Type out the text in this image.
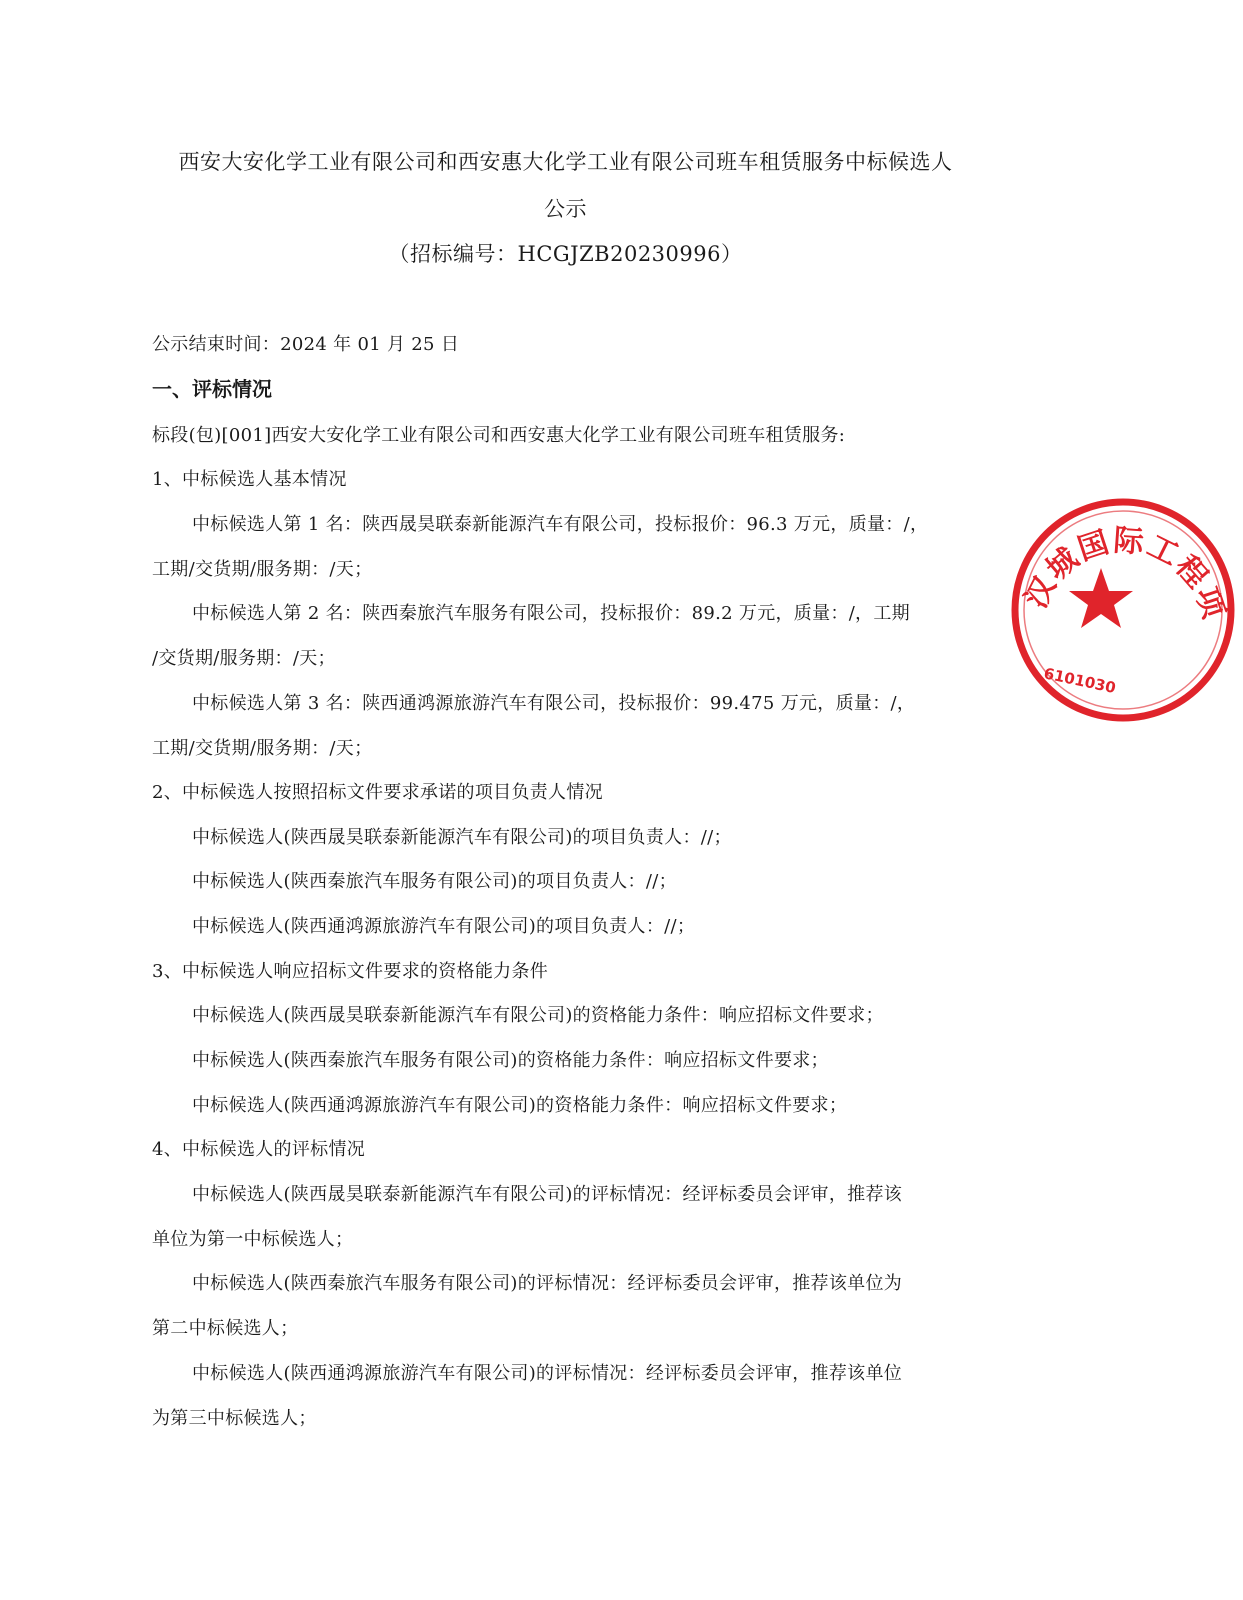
西安大安化学工业有限公司和西安惠大化学工业有限公司班车租赁服务中标候选人
公示
（招标编号：HCGJZB20230996）
公示结束时间：2024 年 01 月 25 日
一、评标情况
标段(包)[001]西安大安化学工业有限公司和西安惠大化学工业有限公司班车租赁服务:
1、中标候选人基本情况
中标候选人第 1 名：陕西晟昊联泰新能源汽车有限公司，投标报价：96.3 万元，质量：/，
工期/交货期/服务期：/天；
中标候选人第 2 名：陕西秦旅汽车服务有限公司，投标报价：89.2 万元，质量：/，工期
/交货期/服务期：/天；
中标候选人第 3 名：陕西通鸿源旅游汽车有限公司，投标报价：99.475 万元，质量：/，
工期/交货期/服务期：/天；
2、中标候选人按照招标文件要求承诺的项目负责人情况
中标候选人(陕西晟昊联泰新能源汽车有限公司)的项目负责人：//；
中标候选人(陕西秦旅汽车服务有限公司)的项目负责人：//；
中标候选人(陕西通鸿源旅游汽车有限公司)的项目负责人：//；
3、中标候选人响应招标文件要求的资格能力条件
中标候选人(陕西晟昊联泰新能源汽车有限公司)的资格能力条件：响应招标文件要求；
中标候选人(陕西秦旅汽车服务有限公司)的资格能力条件：响应招标文件要求；
中标候选人(陕西通鸿源旅游汽车有限公司)的资格能力条件：响应招标文件要求；
4、中标候选人的评标情况
中标候选人(陕西晟昊联泰新能源汽车有限公司)的评标情况：经评标委员会评审，推荐该
单位为第一中标候选人；
中标候选人(陕西秦旅汽车服务有限公司)的评标情况：经评标委员会评审，推荐该单位为
第二中标候选人；
中标候选人(陕西通鸿源旅游汽车有限公司)的评标情况：经评标委员会评审，推荐该单位
为第三中标候选人；
汉城国际工程项
6101030
